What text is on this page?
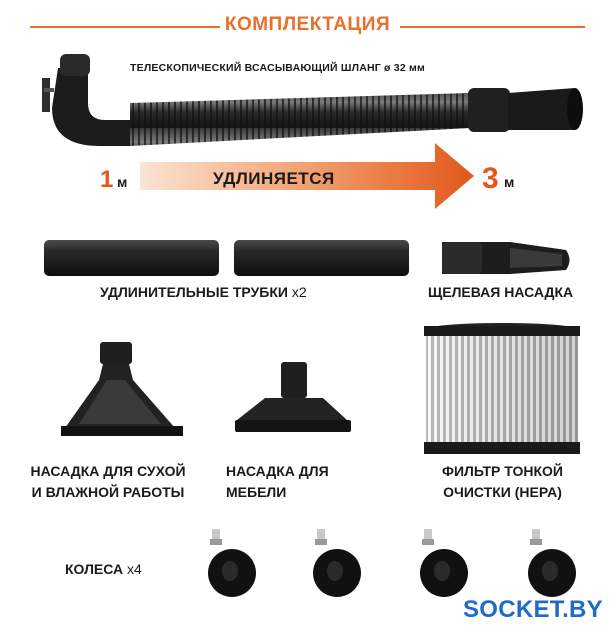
КОМПЛЕКТАЦИЯ
ТЕЛЕСКОПИЧЕСКИЙ ВСАСЫВАЮЩИЙ ШЛАНГ ø 32 мм
1 м	УДЛИНЯЕТСЯ	3 м
УДЛИНИТЕЛЬНЫЕ ТРУБКИ x2	ЩЕЛЕВАЯ НАСАДКА
НАСАДКА ДЛЯ СУХОЙ
И ВЛАЖНОЙ РАБОТЫ
НАСАДКА ДЛЯ
МЕБЕЛИ
ФИЛЬТР ТОНКОЙ
ОЧИСТКИ (HEPA)
КОЛЕСА x4
SOCKET.BY
